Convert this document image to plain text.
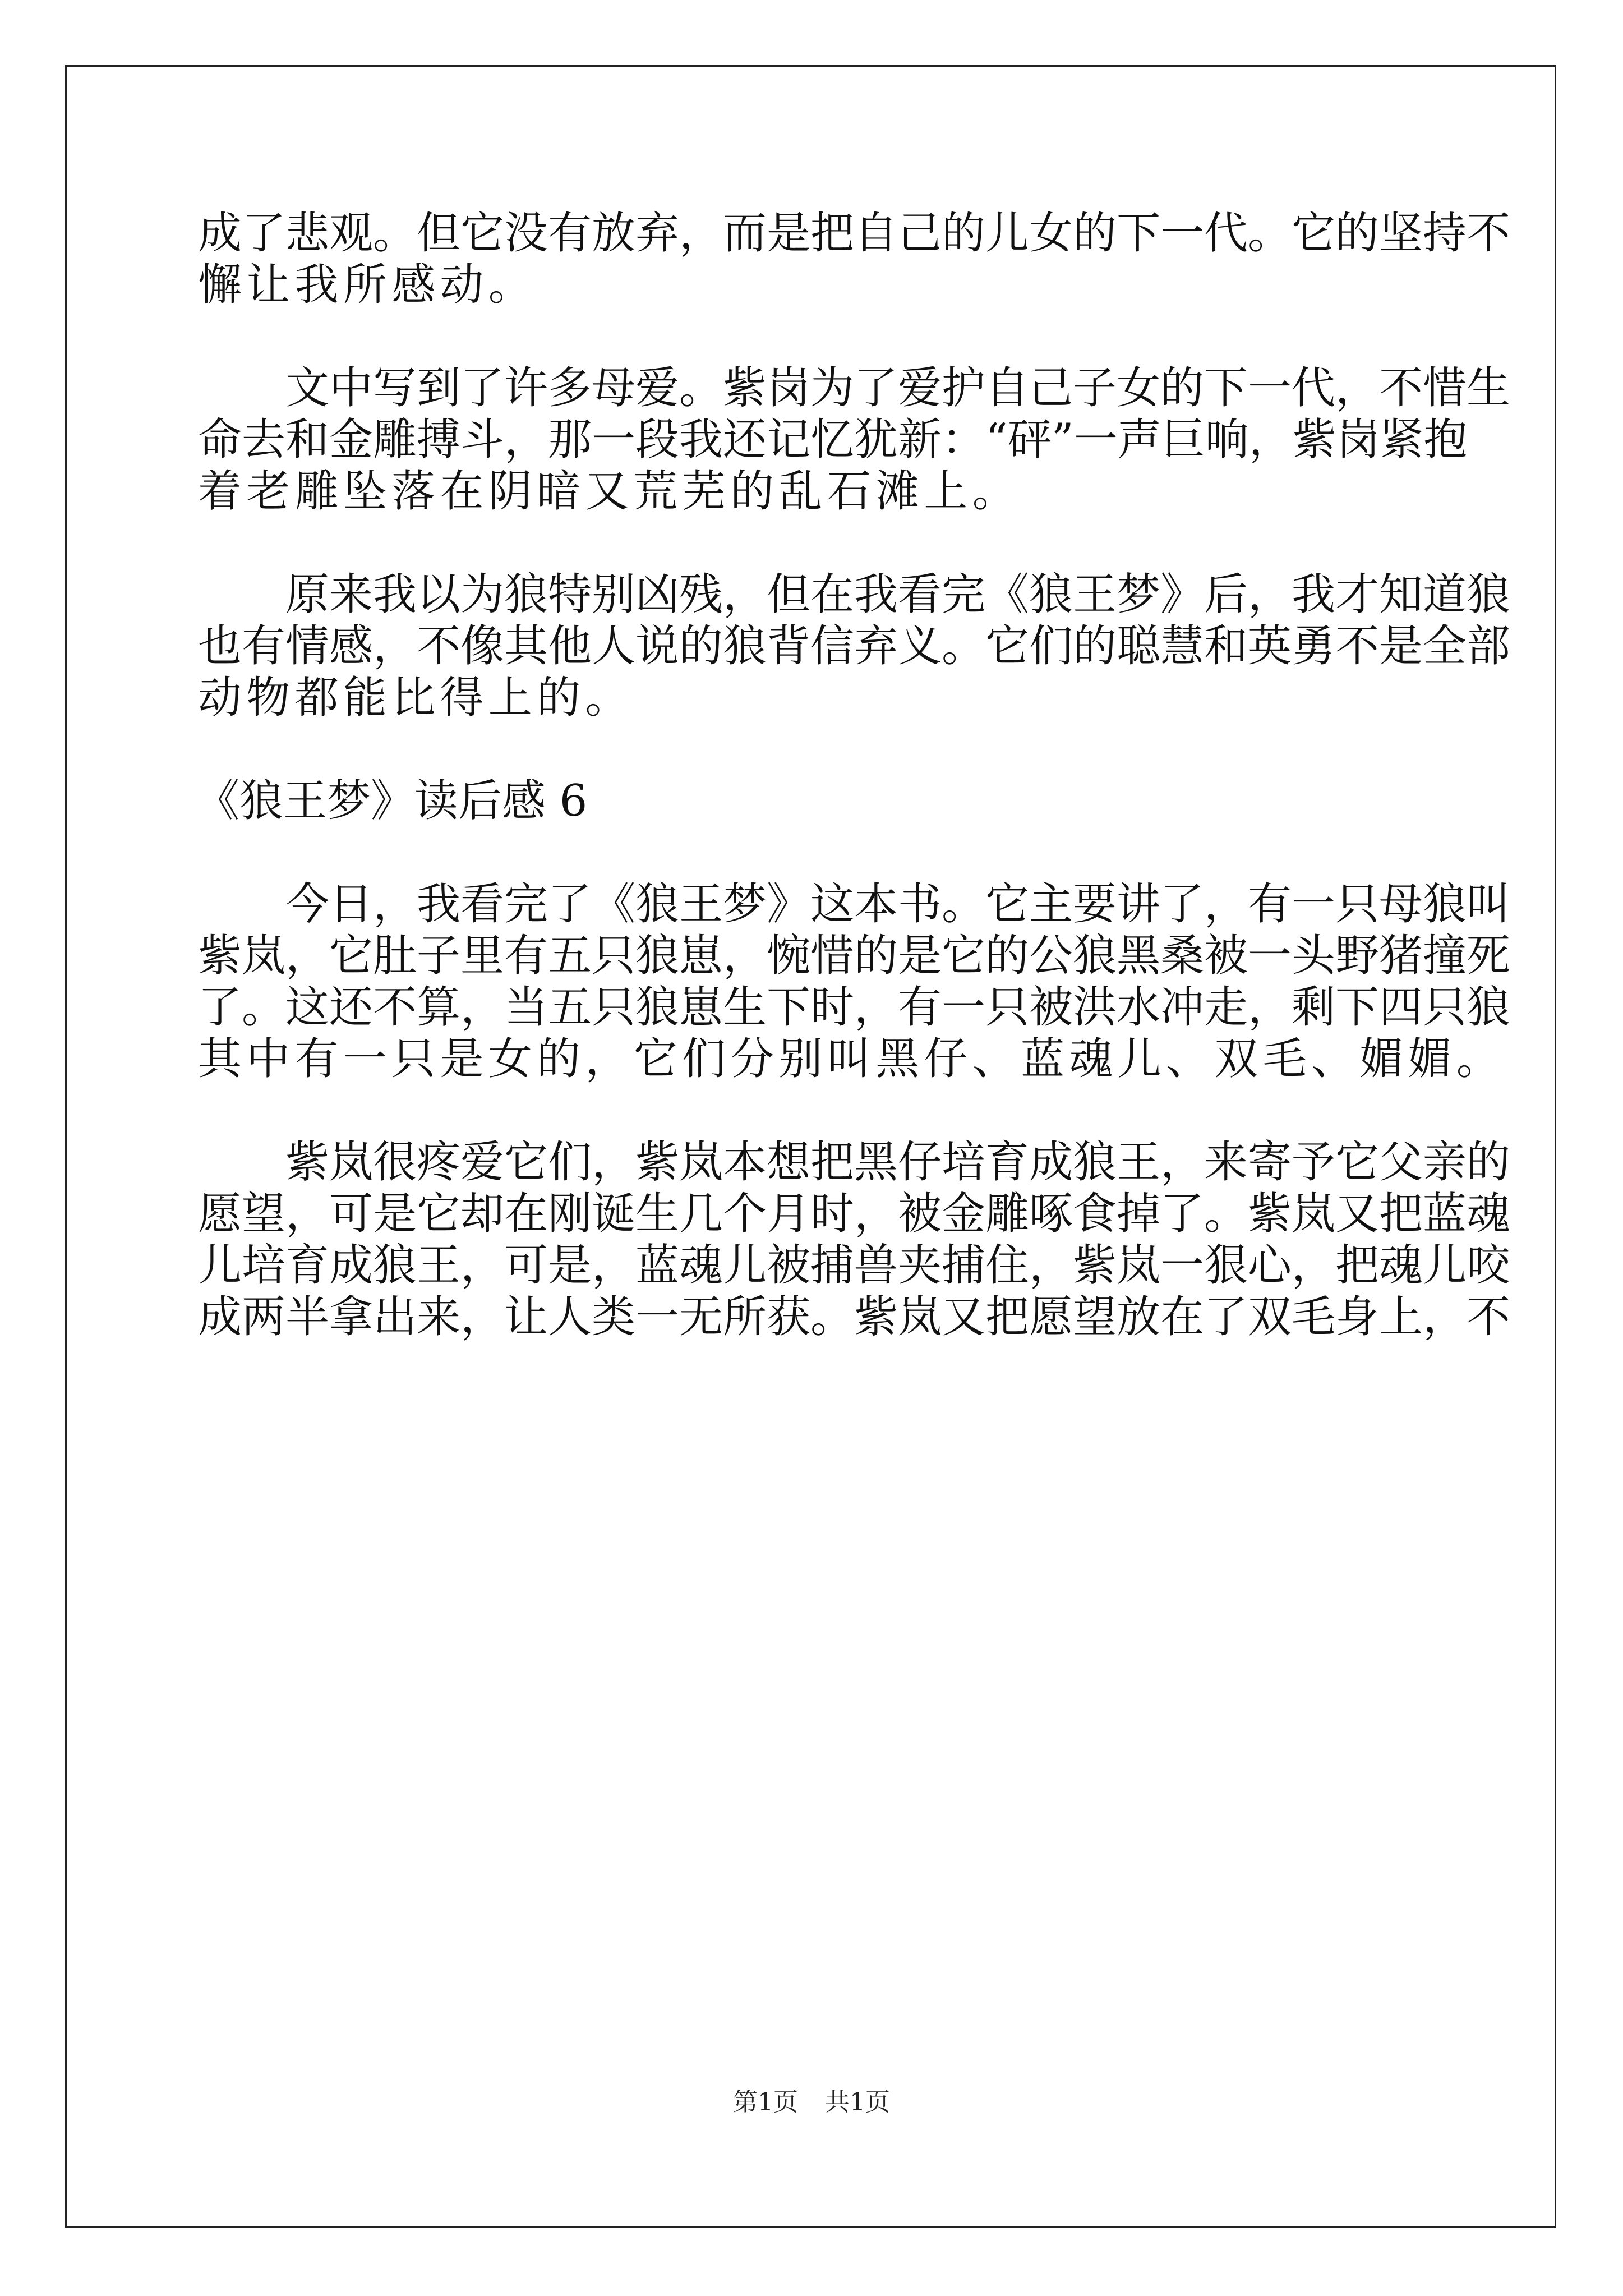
成了悲观。但它没有放弃，而是把自己的儿女的下一代。它的坚持不
懈让我所感动。
　　文中写到了许多母爱。紫岗为了爱护自己子女的下一代，不惜生
命去和金雕搏斗，那一段我还记忆犹新：“砰”一声巨响，紫岗紧抱
着老雕坠落在阴暗又荒芜的乱石滩上。
　　原来我以为狼特别凶残，但在我看完《狼王梦》后，我才知道狼
也有情感，不像其他人说的狼背信弃义。它们的聪慧和英勇不是全部
动物都能比得上的。
《狼王梦》读后感 6
　　今日，我看完了《狼王梦》这本书。它主要讲了，有一只母狼叫
紫岚，它肚子里有五只狼崽，惋惜的是它的公狼黑桑被一头野猪撞死
了。这还不算，当五只狼崽生下时，有一只被洪水冲走，剩下四只狼
其中有一只是女的，它们分别叫黑仔、蓝魂儿、双毛、媚媚。
　　紫岚很疼爱它们，紫岚本想把黑仔培育成狼王，来寄予它父亲的
愿望，可是它却在刚诞生几个月时，被金雕啄食掉了。紫岚又把蓝魂
儿培育成狼王，可是，蓝魂儿被捕兽夹捕住，紫岚一狠心，把魂儿咬
成两半拿出来，让人类一无所获。紫岚又把愿望放在了双毛身上，不
第1页 共1页
